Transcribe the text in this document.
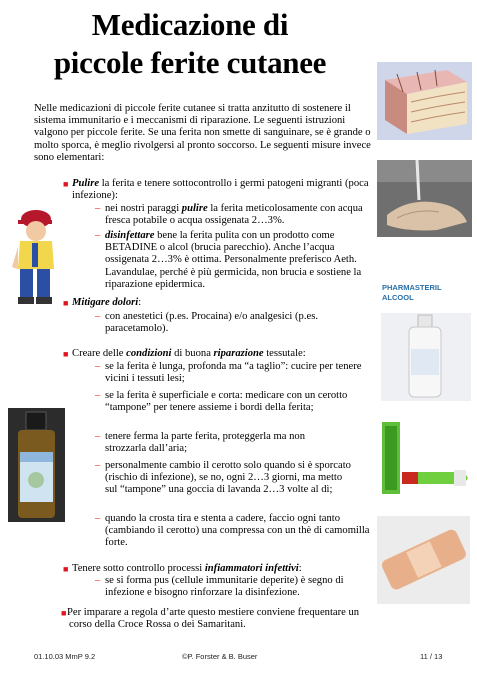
Medicazione di
piccole ferite cutanee
Nelle medicazioni di piccole ferite cutanee si tratta anzitutto di sostenere il sistema immunitario e i meccanismi di riparazione. Le seguenti istruzioni valgono per piccole ferite. Se una ferita non smette di sanguinare, se è grande o molto sporca, è meglio rivolgersi al pronto soccorso. Le seguenti misure invece sono elementari:
■ Pulire la ferita e tenere sottocontrollo i germi patogeni migranti (poca infezione):
– nei nostri paraggi pulire la ferita meticolosamente con acqua fresca potabile o acqua ossigenata 2…3%.
– disinfettare bene la ferita pulita con un prodotto come BETADINE o alcol (brucia parecchio). Anche l’acqua ossigenata 2…3% è ottima. Personalmente preferisco Aeth. Lavandulae, perché è più germicida, non brucia e sostiene la riparazione epidermica.
■ Mitigare dolori:
– con anestetici (p.es. Procaina) e/o analgesici (p.es. paracetamolo).
■ Creare delle condizioni di buona riparazione tessutale:
– se la ferita è lunga, profonda ma “a taglio”: cucire per tenere vicini i tessuti lesi;
– se la ferita è superficiale e corta: medicare con un cerotto “tampone” per tenere assieme i bordi della ferita;
– tenere ferma la parte ferita, proteggerla ma non strozzarla dall’aria;
– personalmente cambio il cerotto solo quando si è sporcato (rischio di infezione), se no, ogni 2…3 giorni, ma metto sul “tampone” una goccia di lavanda 2…3 volte al dì;
– quando la crosta tira e stenta a cadere, faccio ogni tanto (cambiando il cerotto) una compressa con un thè di camomilla forte.
■ Tenere sotto controllo processi infiammatori infettivi:
– se si forma pus (cellule immunitarie deperite) è segno di infezione e bisogno rinforzare la disinfezione.
■ Per imparare a regola d’arte questo mestiere conviene frequentare un corso della Croce Rossa o dei Samaritani.
PHARMASTERIL
ALCOOL
01.10.03 MmP 9.2	©P. Forster & B. Buser	11 / 13
